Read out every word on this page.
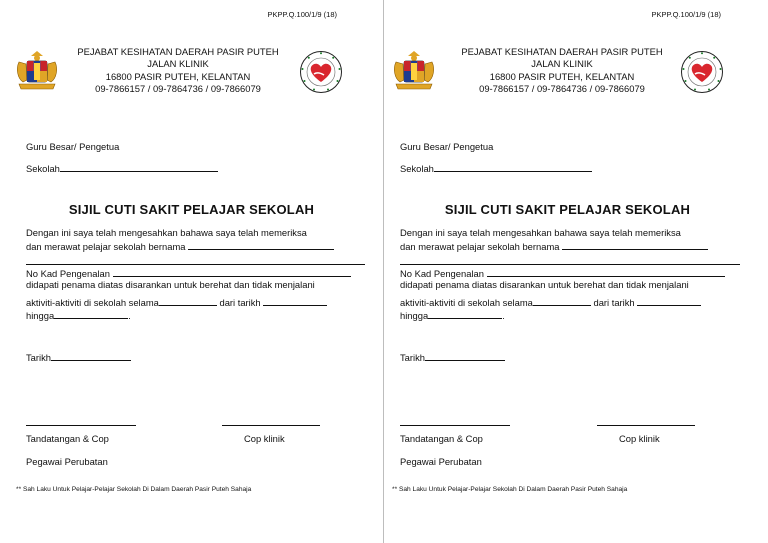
PKPP.Q.100/1/9 (18)
PEJABAT KESIHATAN DAERAH PASIR PUTEH
JALAN KLINIK
16800 PASIR PUTEH, KELANTAN
09-7866157 / 09-7864736 / 09-7866079
Guru Besar/ Pengetua
Sekolah
SIJIL CUTI SAKIT PELAJAR SEKOLAH
Dengan ini saya telah mengesahkan bahawa saya telah memeriksa
dan merawat pelajar sekolah bernama
No Kad Pengenalan
didapati penama diatas disarankan untuk berehat dan tidak menjalani
aktiviti-aktiviti di sekolah selama	dari tarikh
hingga	.
Tarikh
Tandatangan & Cop	Cop klinik
Pegawai Perubatan
** Sah Laku Untuk Pelajar-Pelajar Sekolah Di Dalam Daerah Pasir Puteh Sahaja
PKPP.Q.100/1/9 (18)
PEJABAT KESIHATAN DAERAH PASIR PUTEH
JALAN KLINIK
16800 PASIR PUTEH, KELANTAN
09-7866157 / 09-7864736 / 09-7866079
Guru Besar/ Pengetua
Sekolah
SIJIL CUTI SAKIT PELAJAR SEKOLAH
Dengan ini saya telah mengesahkan bahawa saya telah memeriksa
dan merawat pelajar sekolah bernama
No Kad Pengenalan
didapati penama diatas disarankan untuk berehat dan tidak menjalani
aktiviti-aktiviti di sekolah selama	dari tarikh
hingga	.
Tarikh
Tandatangan & Cop	Cop klinik
Pegawai Perubatan
** Sah Laku Untuk Pelajar-Pelajar Sekolah Di Dalam Daerah Pasir Puteh Sahaja
